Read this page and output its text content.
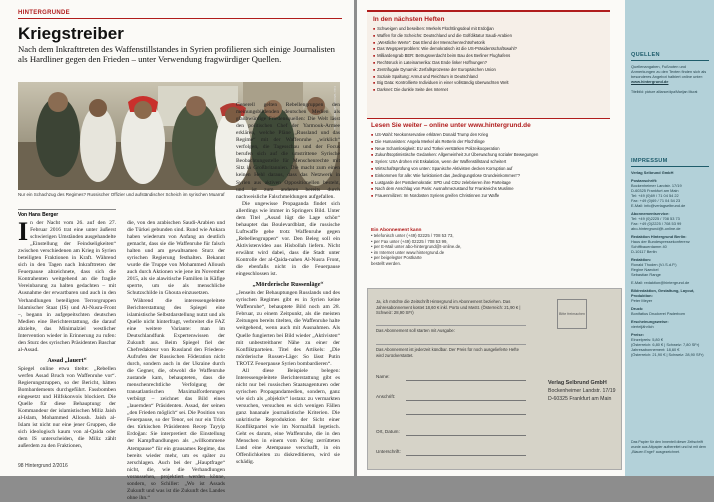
HINTERGRUNDE
Kriegstreiber
Nach dem Inkrafttreten des Waffenstillstandes in Syrien profilieren sich einige Journalisten als Hardliner gegen den Frieden – unter Verwendung fragwürdiger Quellen.
Foto: Wikimedia/Freedom House
Nur ein Schachzug des Regimes? Russischer Offizier und aufständischer Scheich im syrischen Muarraf
Von Hans Berger

In der Nacht vom 26. auf den 27. Februar 2016 trat eine unter äußerst schwierigen Umständen ausgehandelte „Einstellung der Feindseligkeiten“ zwischen verschiedenen am Krieg in Syrien beteiligten Fraktionen in Kraft. Während sich in den Tagen nach Inkrafttreten der Feuerpause abzeichnete, dass sich die Kontrahenten weitgehend an die fragile Vereinbarung zu halten gedachten – mit Ausnahme der erwartbaren und auch in den Verhandlungen beteiligten Terrorgruppen Islamischer Staat (IS) und Al-Nusra-Front –, begann in aufgepeitschten deutschen Medien eine Berichterstattung, die darauf abzielte, das Minimalziel westlicher Intervention wieder in Erinnerung zu rufen: den Sturz des syrischen Präsidenten Baschar al-Assad.

Assad „lauert“

Spiegel online etwa titelte: „Rebellen werfen Assad Bruch von Waffenruhe vor“. Regierungstruppen, so der Bericht, hätten Bombardements durchgeführt. Fassbomben eingesetzt und Hilfskonvois blockiert. Die Quelle für diese Behauptung: der Kommandeur der islamistischen Miliz Jaish al-Islam, Mohammed Alloush. Jaish al-Islam ist nicht nur eine jener Gruppen, die sich ideologisch kaum von al-Qaida oder dem IS unterscheiden, die Miliz zählt außerdem zu den Fraktionen,

die, von den arabischen Saudi-Arabien und die Türkei gebunden sind. Rund wie Ankara haben wiederum von Anfang an deutlich gemacht, dass sie die Waffenruhe für falsch halten und am gewaltsamen Sturz der syrischen Regierung festhalten. Bekannt wurde die Truppe von Mohammed Alloush auch durch Aktionen wie jene im November 2015, als sie alawitische Familien in Käfige sperrte, um sie als menschliche Schutzschilde in Ghouta einzusetzen.

Während die interessengeleitete Berichterstattung des Spiegel eine islamistische Selbstdarstellung nutzt und als Quelle nicht hinterfragt, verbreitet die FAZ eine weitere Variante: man im Deutschlandfunk Expertenwissen der Zukunft aus. Beim Spiegel fiel der Chefredakteur von Russland den Friedens-Aufrufen der Russischen Föderation nicht durch, sondern auch in der Ukraine durch die Gegner, die, obwohl die Waffenruhe zustande kam, behaupteten, dass die menschenrechtliche Verfolgung der transatlantischen Maximalforderungen verbürgt – zeichnet das Bild eines „lauernden“ Präsidenten. Assad, der seinen „den Frieden möglich“ sei. Die Position von Feuerpause, so der Tenor, sei nur ein Trick des türkischen Präsidenten Recep Tayyip Erdoğan: Sie interpretiert die Einstellung der Kampfhandlungen als „willkommene Atempause“ für ein grausames Regime, das bereits wieder mehr, um es später zu zerschlagen. Auch bei der „Hauptfrage“ nicht, die, wie die Verhandlungen voraussehen, projektiert werden könne, sondern, so Schiller: „Wo ist Assads Zukunft und was ist die Zukunft des Landes ohne ihn.“

Generell gelten Rebellengruppen den meinungsbildenden deutschen Medien als glaubwürdige Friedensquellen: Die Welt lässt den politischen Chef der Yarmouk-Armee erklären, welche Pläne „Russland und das Regime“ mit der Waffenruhe „wirklich“ verfolgen, die Tagesschau und der Focus berufen sich auf die umstrittene Syrische Beobachtungsstelle für Menschenrechte mit Sitz in Großbritannien. Die macht zum einen keinen Hehl daraus, dass das Netzwerk in Syrien aus aktiven Oppositionellen besteht, und ist zum anderen bereits durch nachweisliche Falschmeldungen aufgefallen.

Die ungewisse Propaganda findet sich allerdings wie immer in Springers Bild. Unter dem Titel „Assad lügt die Lage schön“ behauptet das Boulevardblatt, die russische Luftwaffe gehe trotz Waffenruhe gegen „Rebellengruppen“ vor. Den Beleg soll ein Aktivistenvideo aus Hisbollah liefern. Nicht erwähnt wird dabei, dass die Stadt unter Kontrolle der al-Qaida-nahen Al-Nusra Front, die ebenfalls nicht in die Feuerpause eingeschlossen ist.

„Mörderische Russenläge“

„Jenseits der Behauptungen Russlands und des syrischen Regimes gibt es in Syrien keine Waffenruhe“, behauptete Bild noch am 28. Februar, zu einem Zeitpunkt, als die meisten Zeitungen bereits titelten, die Waffenruhe halte weitgehend, wenn auch mit Ausnahmen. Als Quelle fungierten bei Bild wieder „Aktivisten“ mit unbestreitbarer Nähe zu einer der Konfliktparteien. Titel des Artikels: „Die mörderische Russen-Läge: So lässt Putin TROTZ Feuerpause Syrien bombardieren“.

All diese Beispiele belegen: Interessengeleitete Berichterstattung gibt es nicht nur bei russischen Staatsagenturen oder syrischen Propagandamedien, sondern, ganz wie sich als „objektiv“ lostanz zu vermarkten versuchen, versuchen es sich wenigen Fällen ganz bananale journalistische Kriterien. Die unkritische Reproduktion der Sicht einer Konfliktpartei wie im Normalfall legetisch. Geht es darum, eine Waffenruhe, die in den Menschen in einem vom Krieg zerrütteten Land eine Atempause verschafft, in ein Offenlichkeiten zu diskreditieren, wird sie schädig.

98 Hintergrund 2/2016
In den nächsten Heften
■ Schweigen und beseiben: Merkels Flüchtlingsdeal mit Erdoğan
■ Waffen für die Scheichs: Deutschland und die Golfdiktatur Saudi-Arabien
■ „Westliche Werte“: Das Elend der Menschenrechtsrhetorik
■ Das Wegsperrproblem: Wie demokratisch ist die US-Präsidentschaftswahl?
■ Milliardengrab BER: Betrugsverdacht beim Bau des Berliner Flughafens
■ Rechtsruck in Lateinamerika: Das Ende linker Hoffnungen?
■ Zentrifugale Dynamik: Zerfallsprozesse der Europäischen Union
■ Soziale Spaltung: Armut und Reichtum in Deutschland
■ Big Data: Kontrollierte Individuen in einer vollständig überwachten Welt
■ Darknet: Die dunkle Seite des Internet
Lesen Sie weiter – online unter www.hintergrund.de
■ US-Wahl: Neokonservative erklären Donald Trump den Krieg
■ Die Humanisten: Angela Merkel als Retterin der Flüchtlinge
■ Neue Schamlosigkeit: EU und Türkei verstärken Polizeikooperation
■ Zukunftsoptimistische Gedanken: Allgemeinheit zur Überwachung sozialer Bewegungen
■ Syrien: USA drohen mit Eskalation, wenn der Waffenstillstand scheitert
■ Wirtschaftsprüfung von unten: Spanische Aktivisten decken Korruption auf
■ Einkommen für alle: Wie funktioniert das „bedingungslose Grundeinkommen“?
■ Lustgarde der Postdemokratie: SPD und CDU zelebrieren ihre Parteitage
■ Nach dem Anschlag von Paris: Ausnahmezustand für Frankreichs Muslime
■ Frauenmilizen: Im Nordosten Syriens greifen Christinnen zur Waffe
Ein Abonnement kann
• telefonisch unter (+49) 02225 / 708 53 73,
• per Fax unter (+49) 02225 / 708 53 99,
• per E-Mail unter abo-hintergrund@t-online.de,
• im Internet unter www.hintergrund.de
• per beigelegter Postkarte
bestellt werden.
Ja, ich möchte die Zeitschrift Hintergrund im Abonnement beziehen. Das Jahresabonnement kostet 18,60 € inkl. Porto und MwSt. (Österreich: 21,90 € | Schweiz: 28,90 SFr)
Das Abonnement soll starten mit Ausgabe:
Das Abonnement ist jederzeit kündbar. Der Preis für noch ausgelieferte Hefte wird zurückerstattet.
Bitte freimachen
Name:
Anschrift:
Ort, Datum:
Unterschrift:
Verlag Selbrund GmbH
Bockenheimer Landstr. 17/19
D-60325 Frankfurt am Main
QUELLEN
Quellenangaben, Fußnoten und Anmerkungen zu den Texten finden sich als besonderes Angebot halbiert online unter:
www.hintergrund.de
Titelbild: picture alliance/dpa/Marijan Murat
IMPRESSUM
Verlag Selbrund GmbH
Postanschrift:
Bockenheimer Landstr. 17/19
D-60325 Frankfurt am Main
Tel: +49 (0)69 / 71 04 54 22
Fax: +49 (0)69 / 71 04 54 23
E-Mail: info@verlagselbrund.de
Abonnementservice:
Tel: +49 (0)2225 / 708 53 73
Fax: +49 (0)2225 / 708 53 99
abo-hintergrund@t-online.de
Redaktion Hintergrund Berlin:
Haus der Bundespressekonferenz
Schiffbauerdamm 40
D-10117 Berlin
Redaktion:
Ronald Thoden (V.i.S.d.P.)
Regine Naeckel
Sebastian Range
E-Mail: redaktion@hintergrund.de
Bildredaktion, Gestaltung, Layout, Produktion:
Peter Meyer
Druck:
Bonifatius Druckerei Paderborn
Erscheinungsweise:
vierteljährlich
Preise:
Einzelpreis: 5,80 €
(Österreich: 6,80 € | Schweiz: 7,80 SFr)
Jahresabonnement: 18,60 €
(Österreich: 21,90 € | Schweiz: 28,90 SFr)
Das Papier für den Innenteil dieser Zeitschrift wurde aus Altpapier aufbereitet und ist mit dem „Blauen Engel“ ausgezeichnet.
